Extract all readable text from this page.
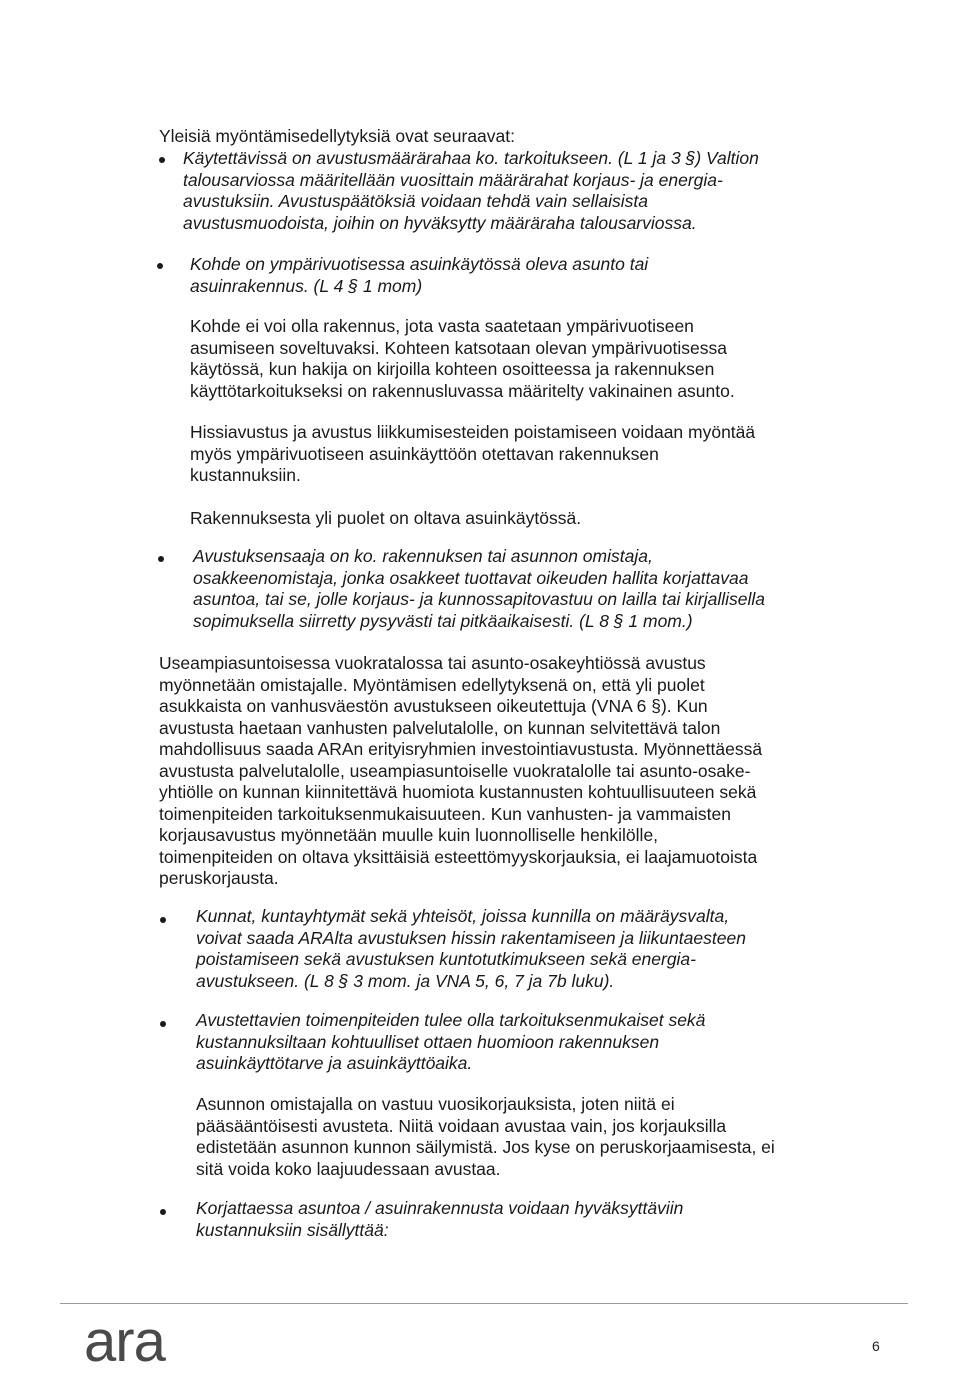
Yleisiä myöntämisedellytyksiä ovat seuraavat:
Käytettävissä on avustusmäärärahaa ko. tarkoitukseen. (L 1 ja 3 §) Valtion
talousarviossa määritellään vuosittain määrärahat korjaus- ja energia-
avustuksiin. Avustuspäätöksiä voidaan tehdä vain sellaisista
avustusmuodoista, joihin on hyväksytty määräraha talousarviossa.
Kohde on ympärivuotisessa asuinkäytössä oleva asunto tai
asuinrakennus. (L 4 § 1 mom)
Kohde ei voi olla rakennus, jota vasta saatetaan ympärivuotiseen
asumiseen soveltuvaksi. Kohteen katsotaan olevan ympärivuotisessa
käytössä, kun hakija on kirjoilla kohteen osoitteessa ja rakennuksen
käyttötarkoitukseksi on rakennusluvassa määritelty vakinainen asunto.
Hissiavustus ja avustus liikkumisesteiden poistamiseen voidaan myöntää
myös ympärivuotiseen asuinkäyttöön otettavan rakennuksen
kustannuksiin.
Rakennuksesta yli puolet on oltava asuinkäytössä.
Avustuksensaaja on ko. rakennuksen tai asunnon omistaja,
osakkeenomistaja, jonka osakkeet tuottavat oikeuden hallita korjattavaa
asuntoa, tai se, jolle korjaus- ja kunnossapitovastuu on lailla tai kirjallisella
sopimuksella siirretty pysyvästi tai pitkäaikaisesti. (L 8 § 1 mom.)
Useampiasuntoisessa vuokratalossa tai asunto-osakeyhtiössä avustus
myönnetään omistajalle. Myöntämisen edellytyksenä on, että yli puolet
asukkaista on vanhusväestön avustukseen oikeutettuja (VNA 6 §). Kun
avustusta haetaan vanhusten palvelutalolle, on kunnan selvitettävä talon
mahdollisuus saada ARAn erityisryhmien investointiavustusta. Myönnettäessä
avustusta palvelutalolle, useampiasuntoiselle vuokratalolle tai asunto-osake-
yhtiölle on kunnan kiinnitettävä huomiota kustannusten kohtuullisuuteen sekä
toimenpiteiden tarkoituksenmukaisuuteen. Kun vanhusten- ja vammaisten
korjausavustus myönnetään muulle kuin luonnolliselle henkilölle,
toimenpiteiden on oltava yksittäisiä esteettömyyskorjauksia, ei laajamuotoista
peruskorjausta.
Kunnat, kuntayhtymät sekä yhteisöt, joissa kunnilla on määräysvalta,
voivat saada ARAlta avustuksen hissin rakentamiseen ja liikuntaesteen
poistamiseen sekä avustuksen kuntotutkimukseen sekä energia-
avustukseen. (L 8 § 3 mom. ja VNA 5, 6, 7 ja 7b luku).
Avustettavien toimenpiteiden tulee olla tarkoituksenmukaiset sekä
kustannuksiltaan kohtuulliset ottaen huomioon rakennuksen
asuinkäyttötarve ja asuinkäyttöaika.
Asunnon omistajalla on vastuu vuosikorjauksista, joten niitä ei
pääsääntöisesti avusteta. Niitä voidaan avustaa vain, jos korjauksilla
edistetään asunnon kunnon säilymistä. Jos kyse on peruskorjaamisesta, ei
sitä voida koko laajuudessaan avustaa.
Korjattaessa asuntoa / asuinrakennusta voidaan hyväksyttäviin
kustannuksiin sisällyttää:
ara	6
